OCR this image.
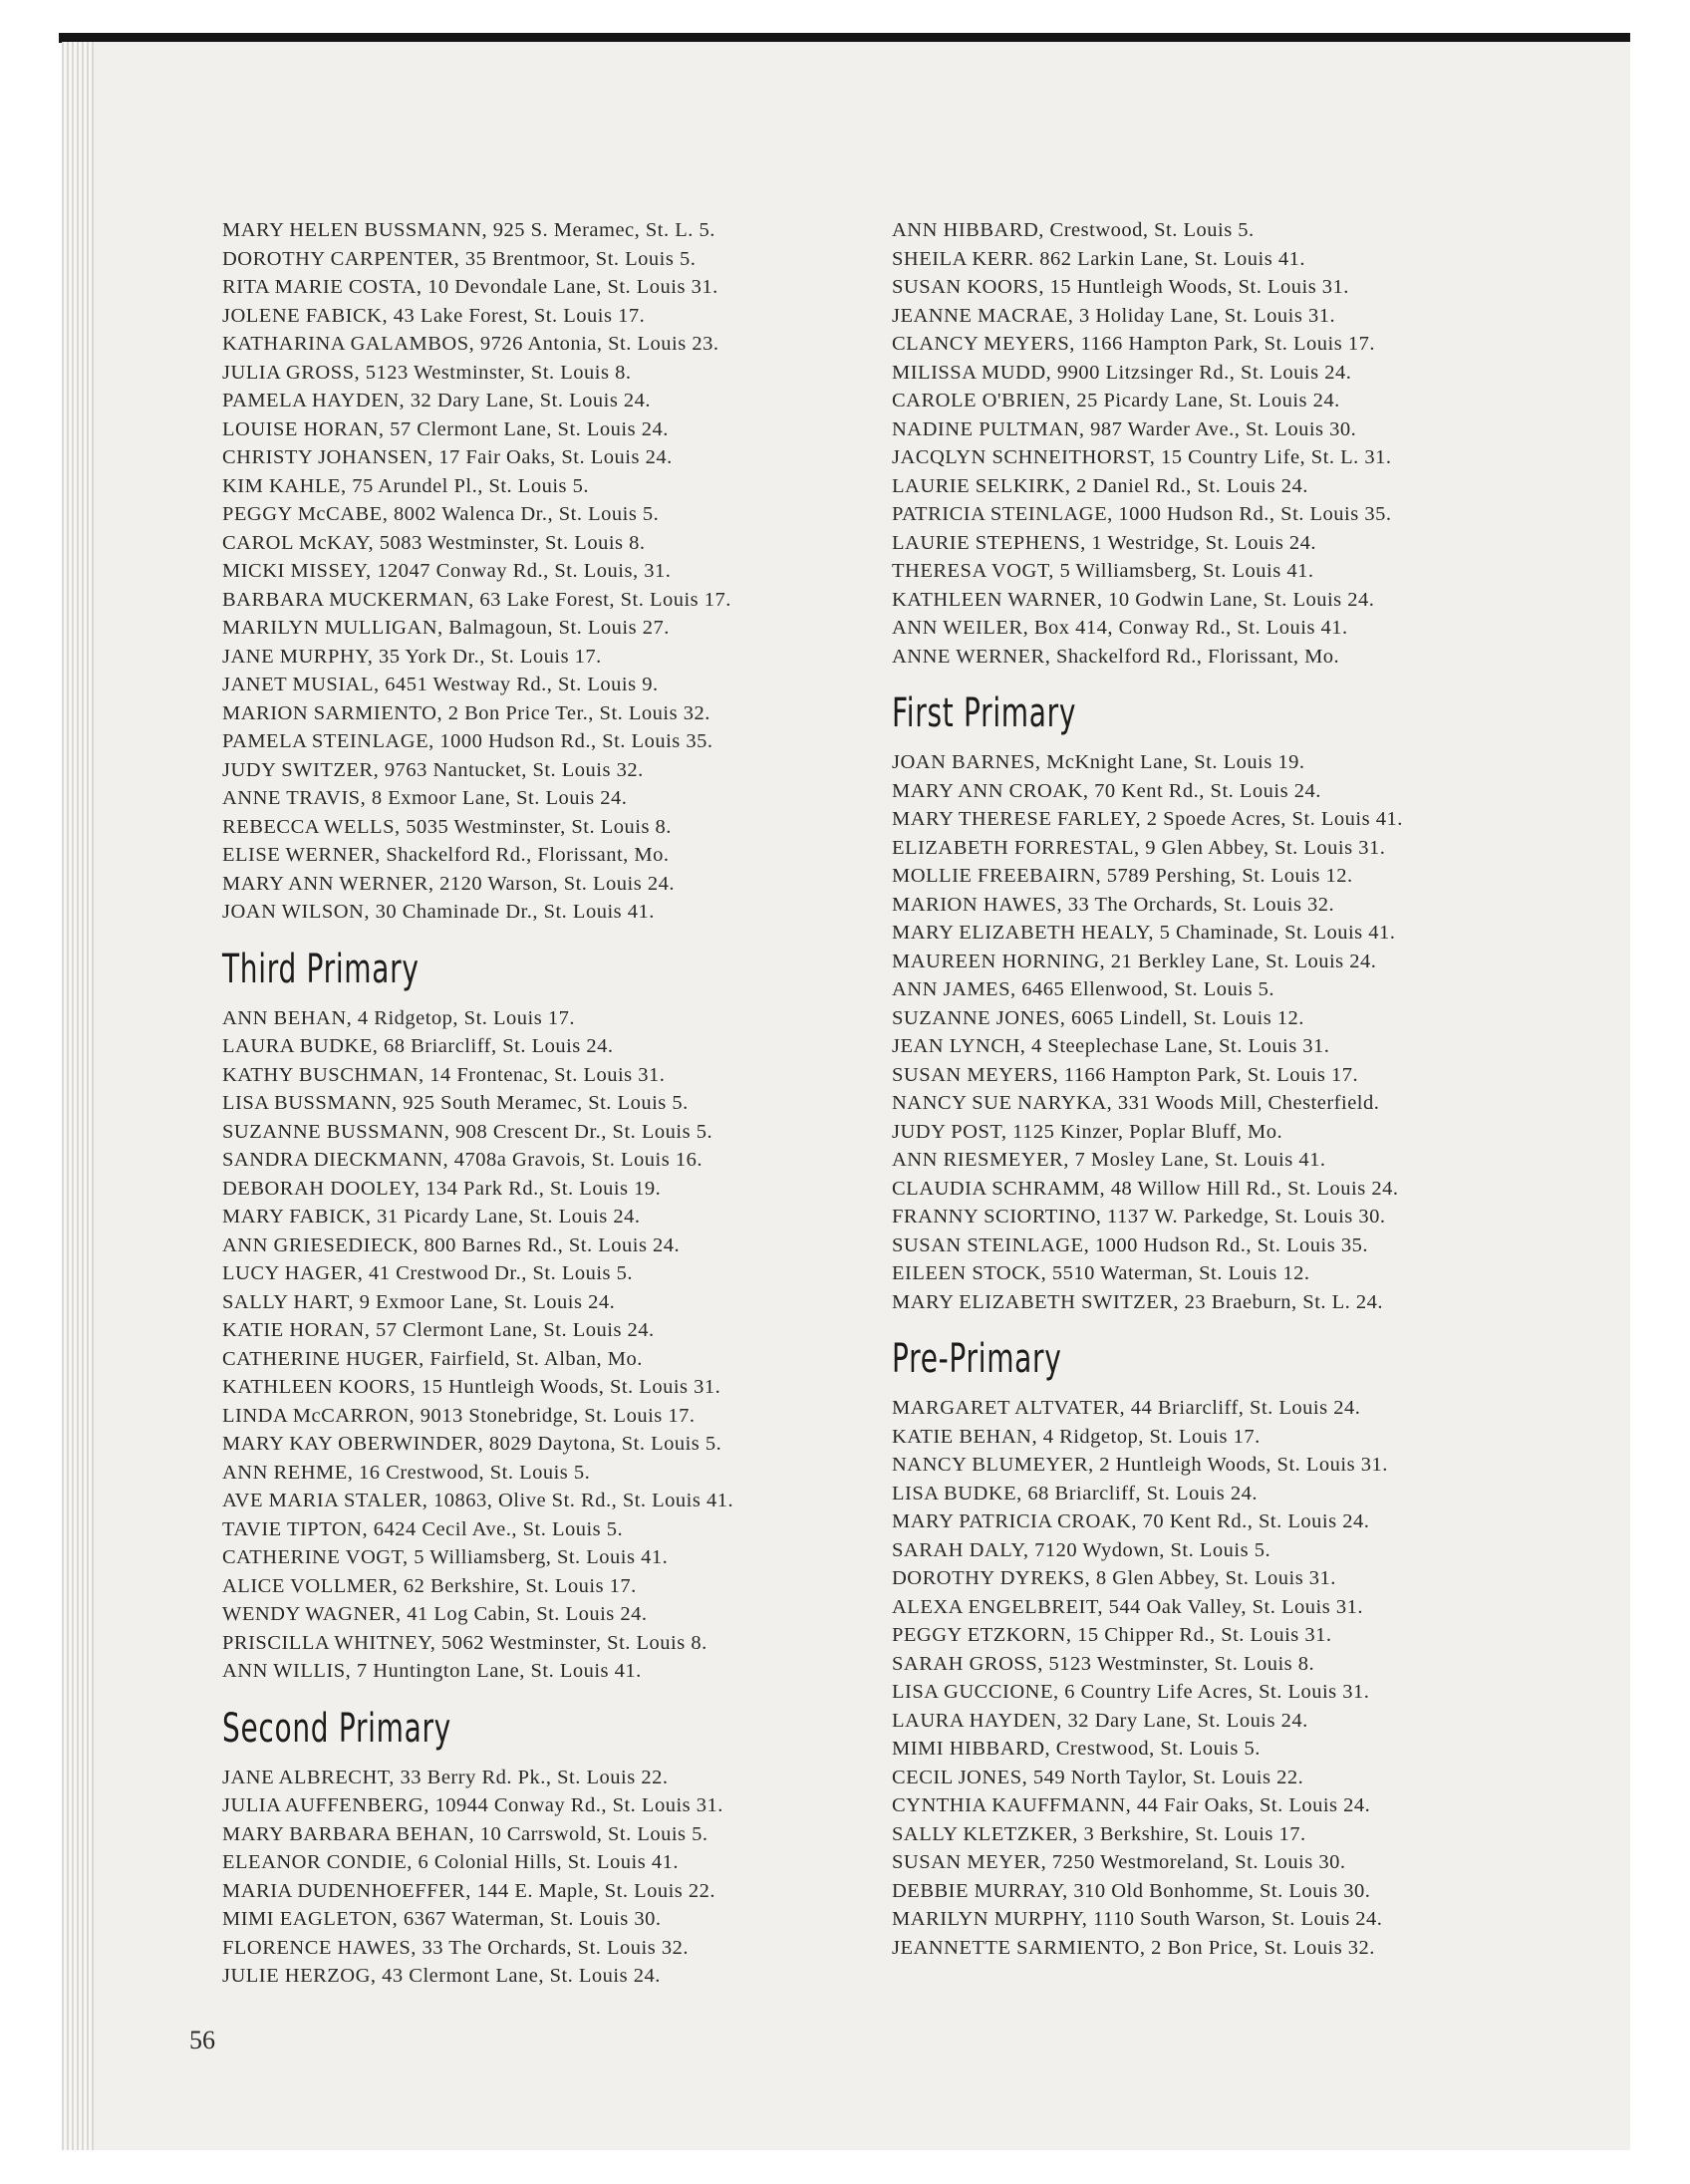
MARY HELEN BUSSMANN, 925 S. Meramec, St. L. 5.
DOROTHY CARPENTER, 35 Brentmoor, St. Louis 5.
RITA MARIE COSTA, 10 Devondale Lane, St. Louis 31.
JOLENE FABICK, 43 Lake Forest, St. Louis 17.
KATHARINA GALAMBOS, 9726 Antonia, St. Louis 23.
JULIA GROSS, 5123 Westminster, St. Louis 8.
PAMELA HAYDEN, 32 Dary Lane, St. Louis 24.
LOUISE HORAN, 57 Clermont Lane, St. Louis 24.
CHRISTY JOHANSEN, 17 Fair Oaks, St. Louis 24.
KIM KAHLE, 75 Arundel Pl., St. Louis 5.
PEGGY McCABE, 8002 Walenca Dr., St. Louis 5.
CAROL McKAY, 5083 Westminster, St. Louis 8.
MICKI MISSEY, 12047 Conway Rd., St. Louis, 31.
BARBARA MUCKERMAN, 63 Lake Forest, St. Louis 17.
MARILYN MULLIGAN, Balmagoun, St. Louis 27.
JANE MURPHY, 35 York Dr., St. Louis 17.
JANET MUSIAL, 6451 Westway Rd., St. Louis 9.
MARION SARMIENTO, 2 Bon Price Ter., St. Louis 32.
PAMELA STEINLAGE, 1000 Hudson Rd., St. Louis 35.
JUDY SWITZER, 9763 Nantucket, St. Louis 32.
ANNE TRAVIS, 8 Exmoor Lane, St. Louis 24.
REBECCA WELLS, 5035 Westminster, St. Louis 8.
ELISE WERNER, Shackelford Rd., Florissant, Mo.
MARY ANN WERNER, 2120 Warson, St. Louis 24.
JOAN WILSON, 30 Chaminade Dr., St. Louis 41.
Third Primary
ANN BEHAN, 4 Ridgetop, St. Louis 17.
LAURA BUDKE, 68 Briarcliff, St. Louis 24.
KATHY BUSCHMAN, 14 Frontenac, St. Louis 31.
LISA BUSSMANN, 925 South Meramec, St. Louis 5.
SUZANNE BUSSMANN, 908 Crescent Dr., St. Louis 5.
SANDRA DIECKMANN, 4708a Gravois, St. Louis 16.
DEBORAH DOOLEY, 134 Park Rd., St. Louis 19.
MARY FABICK, 31 Picardy Lane, St. Louis 24.
ANN GRIESEDIECK, 800 Barnes Rd., St. Louis 24.
LUCY HAGER, 41 Crestwood Dr., St. Louis 5.
SALLY HART, 9 Exmoor Lane, St. Louis 24.
KATIE HORAN, 57 Clermont Lane, St. Louis 24.
CATHERINE HUGER, Fairfield, St. Alban, Mo.
KATHLEEN KOORS, 15 Huntleigh Woods, St. Louis 31.
LINDA McCARRON, 9013 Stonebridge, St. Louis 17.
MARY KAY OBERWINDER, 8029 Daytona, St. Louis 5.
ANN REHME, 16 Crestwood, St. Louis 5.
AVE MARIA STALER, 10863, Olive St. Rd., St. Louis 41.
TAVIE TIPTON, 6424 Cecil Ave., St. Louis 5.
CATHERINE VOGT, 5 Williamsberg, St. Louis 41.
ALICE VOLLMER, 62 Berkshire, St. Louis 17.
WENDY WAGNER, 41 Log Cabin, St. Louis 24.
PRISCILLA WHITNEY, 5062 Westminster, St. Louis 8.
ANN WILLIS, 7 Huntington Lane, St. Louis 41.
Second Primary
JANE ALBRECHT, 33 Berry Rd. Pk., St. Louis 22.
JULIA AUFFENBERG, 10944 Conway Rd., St. Louis 31.
MARY BARBARA BEHAN, 10 Carrswold, St. Louis 5.
ELEANOR CONDIE, 6 Colonial Hills, St. Louis 41.
MARIA DUDENHOEFFER, 144 E. Maple, St. Louis 22.
MIMI EAGLETON, 6367 Waterman, St. Louis 30.
FLORENCE HAWES, 33 The Orchards, St. Louis 32.
JULIE HERZOG, 43 Clermont Lane, St. Louis 24.
ANN HIBBARD, Crestwood, St. Louis 5.
SHEILA KERR. 862 Larkin Lane, St. Louis 41.
SUSAN KOORS, 15 Huntleigh Woods, St. Louis 31.
JEANNE MACRAE, 3 Holiday Lane, St. Louis 31.
CLANCY MEYERS, 1166 Hampton Park, St. Louis 17.
MILISSA MUDD, 9900 Litzsinger Rd., St. Louis 24.
CAROLE O'BRIEN, 25 Picardy Lane, St. Louis 24.
NADINE PULTMAN, 987 Warder Ave., St. Louis 30.
JACQLYN SCHNEITHORST, 15 Country Life, St. L. 31.
LAURIE SELKIRK, 2 Daniel Rd., St. Louis 24.
PATRICIA STEINLAGE, 1000 Hudson Rd., St. Louis 35.
LAURIE STEPHENS, 1 Westridge, St. Louis 24.
THERESA VOGT, 5 Williamsberg, St. Louis 41.
KATHLEEN WARNER, 10 Godwin Lane, St. Louis 24.
ANN WEILER, Box 414, Conway Rd., St. Louis 41.
ANNE WERNER, Shackelford Rd., Florissant, Mo.
First Primary
JOAN BARNES, McKnight Lane, St. Louis 19.
MARY ANN CROAK, 70 Kent Rd., St. Louis 24.
MARY THERESE FARLEY, 2 Spoede Acres, St. Louis 41.
ELIZABETH FORRESTAL, 9 Glen Abbey, St. Louis 31.
MOLLIE FREEBAIRN, 5789 Pershing, St. Louis 12.
MARION HAWES, 33 The Orchards, St. Louis 32.
MARY ELIZABETH HEALY, 5 Chaminade, St. Louis 41.
MAUREEN HORNING, 21 Berkley Lane, St. Louis 24.
ANN JAMES, 6465 Ellenwood, St. Louis 5.
SUZANNE JONES, 6065 Lindell, St. Louis 12.
JEAN LYNCH, 4 Steeplechase Lane, St. Louis 31.
SUSAN MEYERS, 1166 Hampton Park, St. Louis 17.
NANCY SUE NARYKA, 331 Woods Mill, Chesterfield.
JUDY POST, 1125 Kinzer, Poplar Bluff, Mo.
ANN RIESMEYER, 7 Mosley Lane, St. Louis 41.
CLAUDIA SCHRAMM, 48 Willow Hill Rd., St. Louis 24.
FRANNY SCIORTINO, 1137 W. Parkedge, St. Louis 30.
SUSAN STEINLAGE, 1000 Hudson Rd., St. Louis 35.
EILEEN STOCK, 5510 Waterman, St. Louis 12.
MARY ELIZABETH SWITZER, 23 Braeburn, St. L. 24.
Pre-Primary
MARGARET ALTVATER, 44 Briarcliff, St. Louis 24.
KATIE BEHAN, 4 Ridgetop, St. Louis 17.
NANCY BLUMEYER, 2 Huntleigh Woods, St. Louis 31.
LISA BUDKE, 68 Briarcliff, St. Louis 24.
MARY PATRICIA CROAK, 70 Kent Rd., St. Louis 24.
SARAH DALY, 7120 Wydown, St. Louis 5.
DOROTHY DYREKS, 8 Glen Abbey, St. Louis 31.
ALEXA ENGELBREIT, 544 Oak Valley, St. Louis 31.
PEGGY ETZKORN, 15 Chipper Rd., St. Louis 31.
SARAH GROSS, 5123 Westminster, St. Louis 8.
LISA GUCCIONE, 6 Country Life Acres, St. Louis 31.
LAURA HAYDEN, 32 Dary Lane, St. Louis 24.
MIMI HIBBARD, Crestwood, St. Louis 5.
CECIL JONES, 549 North Taylor, St. Louis 22.
CYNTHIA KAUFFMANN, 44 Fair Oaks, St. Louis 24.
SALLY KLETZKER, 3 Berkshire, St. Louis 17.
SUSAN MEYER, 7250 Westmoreland, St. Louis 30.
DEBBIE MURRAY, 310 Old Bonhomme, St. Louis 30.
MARILYN MURPHY, 1110 South Warson, St. Louis 24.
JEANNETTE SARMIENTO, 2 Bon Price, St. Louis 32.
56
